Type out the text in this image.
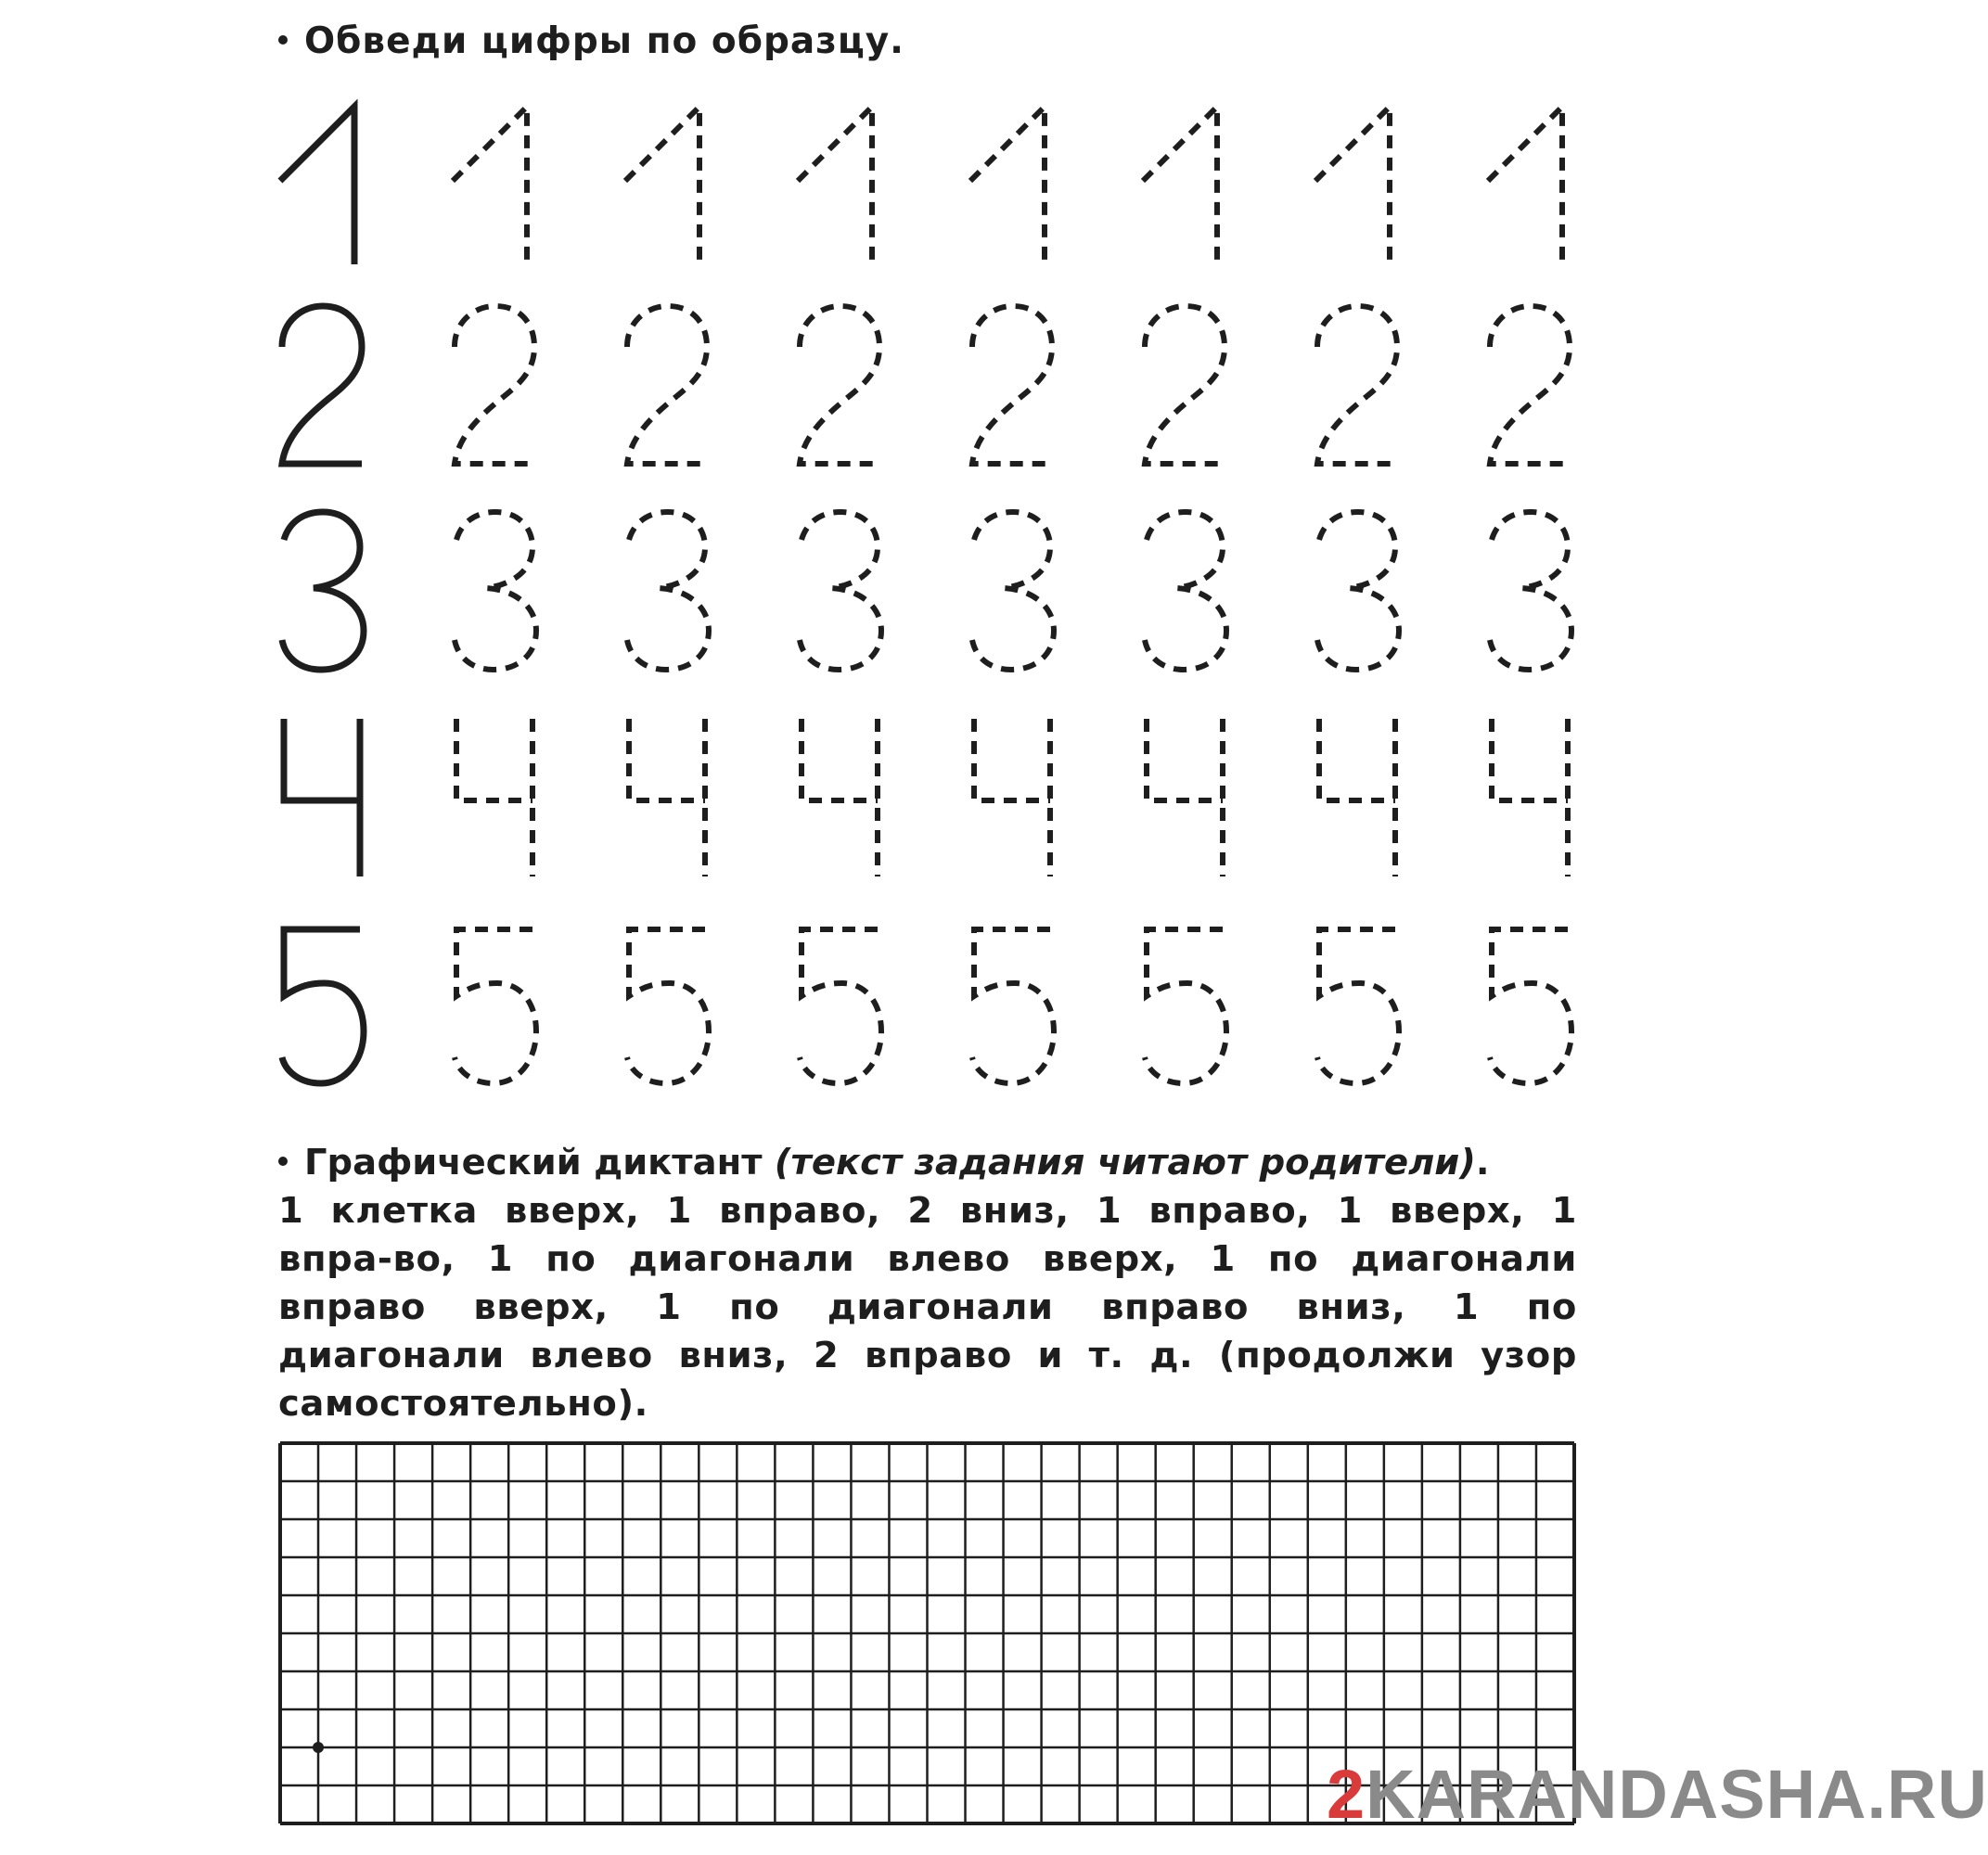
Обведи цифры по образцу.

Графический диктант (текст задания читают родители).

1 клетка вверх, 1 вправо, 2 вниз, 1 вправо, 1 вверх, 1 впра-во, 1 по диагонали влево вверх, 1 по диагонали вправо вверх, 1 по диагонали вправо вниз, 1 по диагонали влево вниз, 2 вправо и т. д. (продолжи узор самостоятельно).

2KARANDASHA.RU
